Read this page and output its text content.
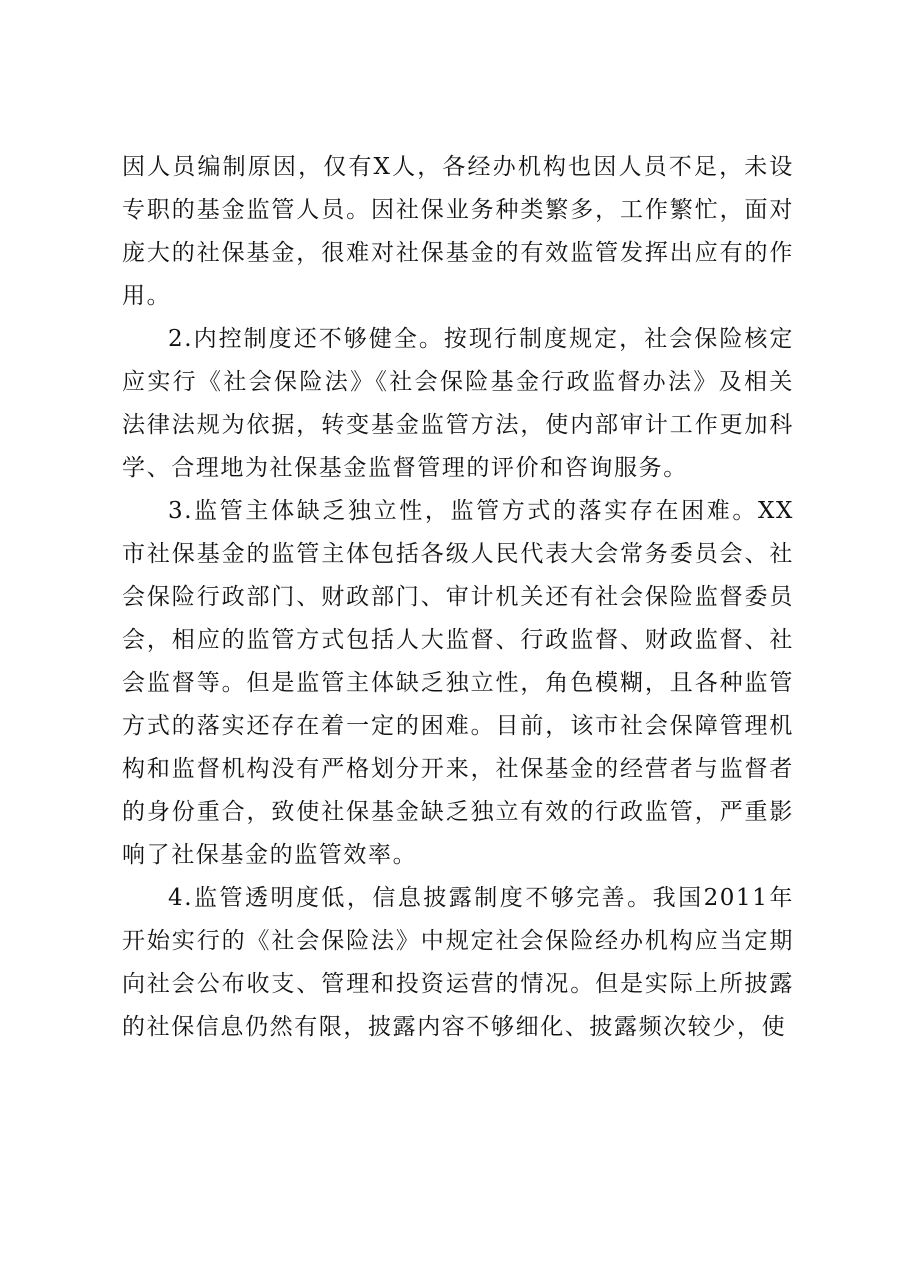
因人员编制原因，仅有X人，各经办机构也因人员不足，未设专职的基金监管人员。因社保业务种类繁多，工作繁忙，面对庞大的社保基金，很难对社保基金的有效监管发挥出应有的作用。

2.内控制度还不够健全。按现行制度规定，社会保险核定应实行《社会保险法》《社会保险基金行政监督办法》及相关法律法规为依据，转变基金监管方法，使内部审计工作更加科学、合理地为社保基金监督管理的评价和咨询服务。

3.监管主体缺乏独立性，监管方式的落实存在困难。XX市社保基金的监管主体包括各级人民代表大会常务委员会、社会保险行政部门、财政部门、审计机关还有社会保险监督委员会，相应的监管方式包括人大监督、行政监督、财政监督、社会监督等。但是监管主体缺乏独立性，角色模糊，且各种监管方式的落实还存在着一定的困难。目前，该市社会保障管理机构和监督机构没有严格划分开来，社保基金的经营者与监督者的身份重合，致使社保基金缺乏独立有效的行政监管，严重影响了社保基金的监管效率。

4.监管透明度低，信息披露制度不够完善。我国2011年开始实行的《社会保险法》中规定社会保险经办机构应当定期向社会公布收支、管理和投资运营的情况。但是实际上所披露的社保信息仍然有限，披露内容不够细化、披露频次较少，使
